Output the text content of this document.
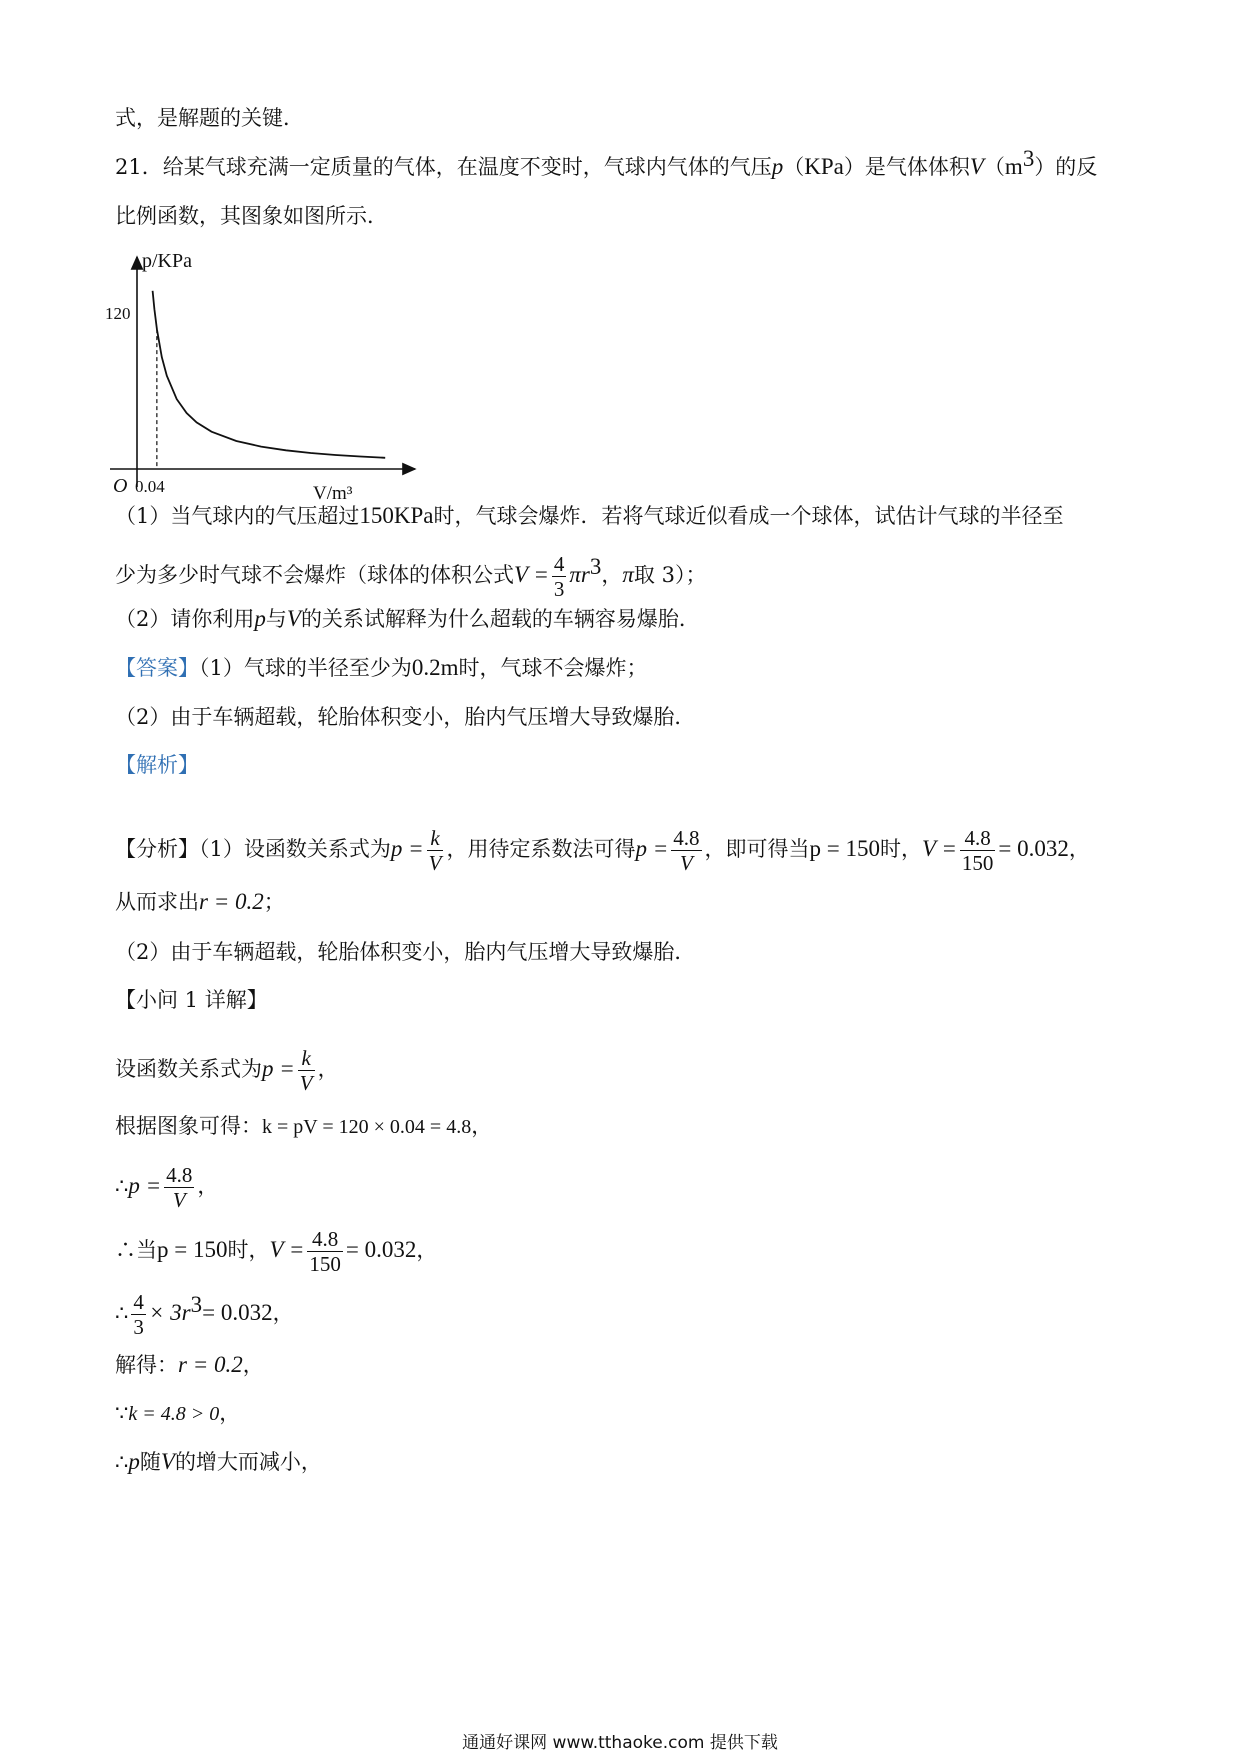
式，是解题的关键．
21．给某气球充满一定质量的气体，在温度不变时，气球内气体的气压p（KPa）是气体体积$V(m^3)$的反
比例函数，其图象如图所示．
p/KPa
120
O 0.04	V/m³
（1）当气球内的气压超过150KPa时，气球会爆炸．若将气球近似看成一个球体，试估计气球的半径至
少为多少时气球不会爆炸（球体的体积公式$V = \frac{4}{3} \pi r^3$，π取 3）；
（2）请你利用p与V的关系试解释为什么超载的车辆容易爆胎．
【答案】（1）气球的半径至少为0.2m时，气球不会爆炸；
（2）由于车辆超载，轮胎体积变小，胎内气压增大导致爆胎．
【解析】
【分析】（1）设函数关系式为$p = \frac{k}{V}$ ，用待定系数法可得$p = \frac{4.8}{V}$ ，即可得当p = 150时，$V = \frac{4.8}{150} = 0.032$，
从而求出r = 0.2；
（2）由于车辆超载，轮胎体积变小，胎内气压增大导致爆胎．
【小问 1 详解】
设函数关系式为$p = \frac{k}{V}$ ，
根据图象可得：k = pV = 120 × 0.04 = 4.8，
∴p = $\frac{4.8}{V}$ ，
∴当p = 150时，$V = \frac{4.8}{150} = 0.032$，
∴ $\frac{4}{3} \times 3r^3= 0.032$，
解得：r = 0.2，
∵k = 4.8 > 0，
∴p随V的增大而减小，
通通好课网 www.tthaoke.com 提供下载
